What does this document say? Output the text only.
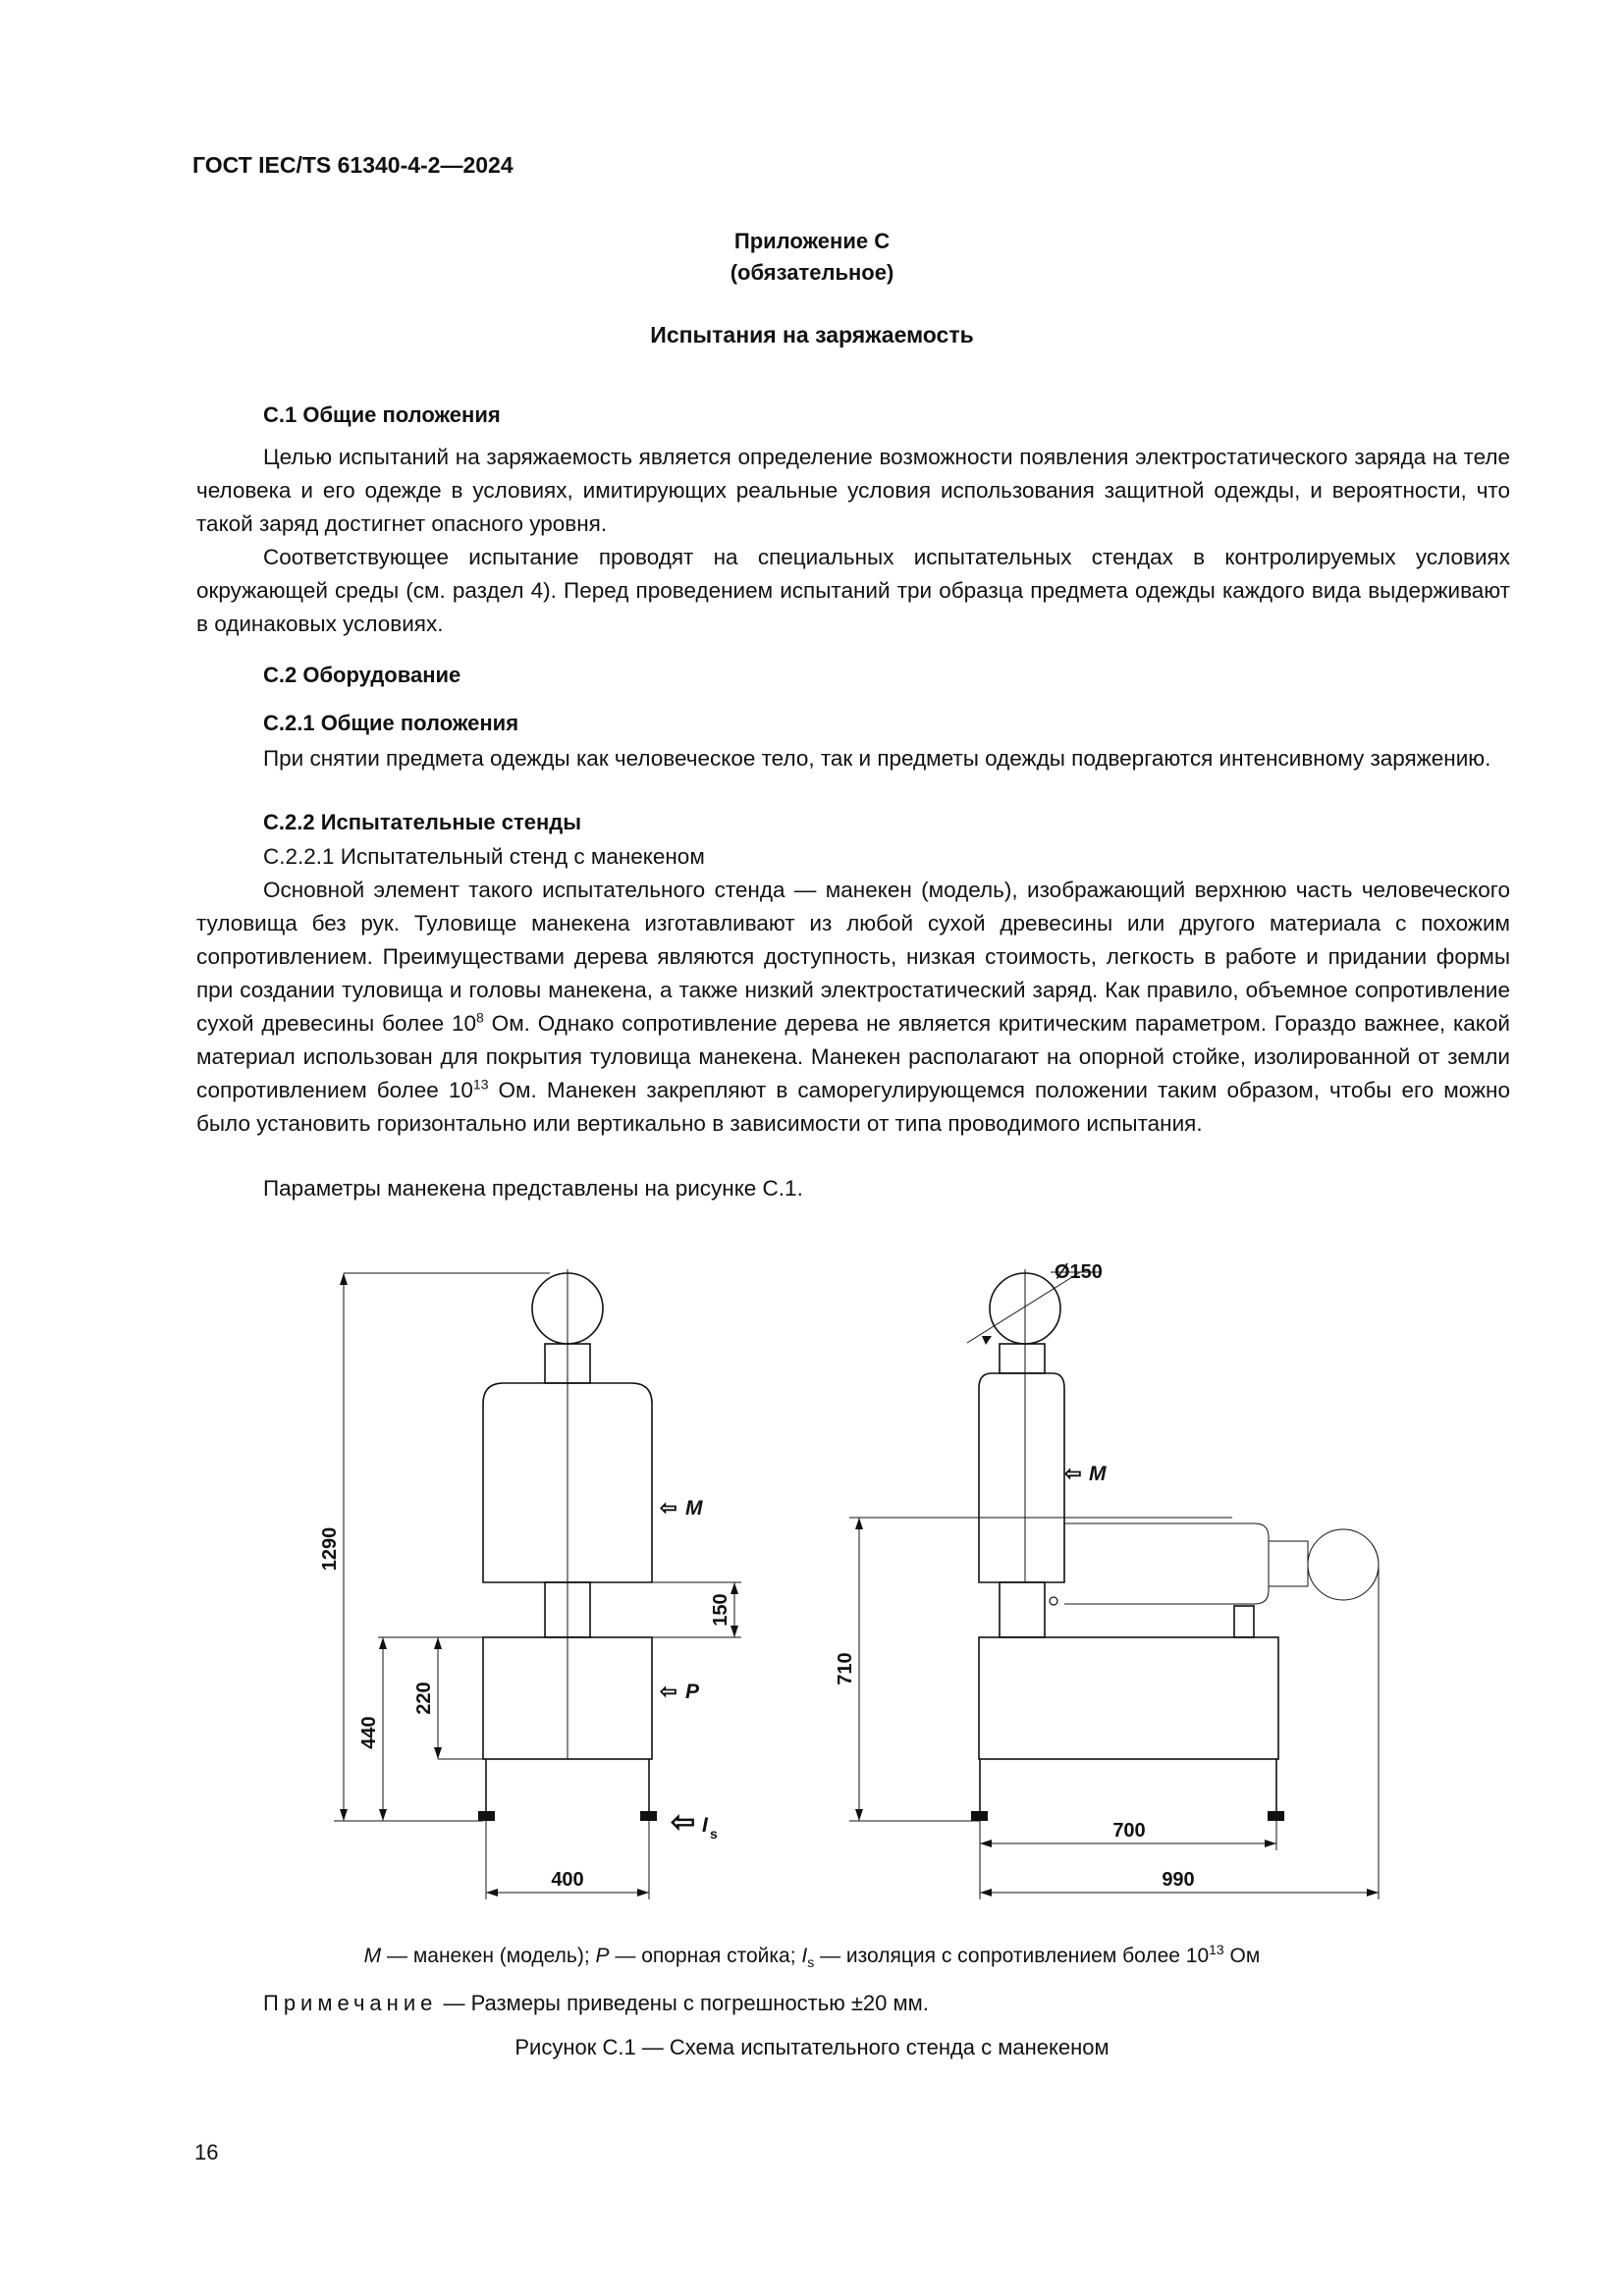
ГОСТ IEC/TS 61340-4-2—2024
Приложение С
(обязательное)
Испытания на заряжаемость
С.1 Общие положения

Целью испытаний на заряжаемость является определение возможности появления электростатического заряда на теле человека и его одежде в условиях, имитирующих реальные условия использования защитной одежды, и вероятности, что такой заряд достигнет опасного уровня.

Соответствующее испытание проводят на специальных испытательных стендах в контролируемых условиях окружающей среды (см. раздел 4). Перед проведением испытаний три образца предмета одежды каждого вида выдерживают в одинаковых условиях.

С.2 Оборудование
С.2.1 Общие положения

При снятии предмета одежды как человеческое тело, так и предметы одежды подвергаются интенсивному заряжению.

С.2.2 Испытательные стенды
С.2.2.1 Испытательный стенд с манекеном

Основной элемент такого испытательного стенда — манекен (модель), изображающий верхнюю часть человеческого туловища без рук. Туловище манекена изготавливают из любой сухой древесины или другого материала с похожим сопротивлением. Преимуществами дерева являются доступность, низкая стоимость, легкость в работе и придании формы при создании туловища и головы манекена, а также низкий электростатический заряд. Как правило, объемное сопротивление сухой древесины более $10^8$ Ом. Однако сопротивление дерева не является критическим параметром. Гораздо важнее, какой материал использован для покрытия туловища манекена. Манекен располагают на опорной стойке, изолированной от земли сопротивлением более $10^{13}$ Ом. Манекен закрепляют в саморегулирующемся положении таким образом, чтобы его можно было установить горизонтально или вертикально в зависимости от типа проводимого испытания.

Параметры манекена представлены на рисунке С.1.
1290
440
220
150
400
710
700
990
Ø150
⇦ M
⇦ P
⇦ M
⇦ I s
M — манекен (модель); P — опорная стойка; $I_s$ — изоляция с сопротивлением более $10^{13}$ Ом
Примечание — Размеры приведены с погрешностью ±20 мм.
Рисунок С.1 — Схема испытательного стенда с манекеном
16
